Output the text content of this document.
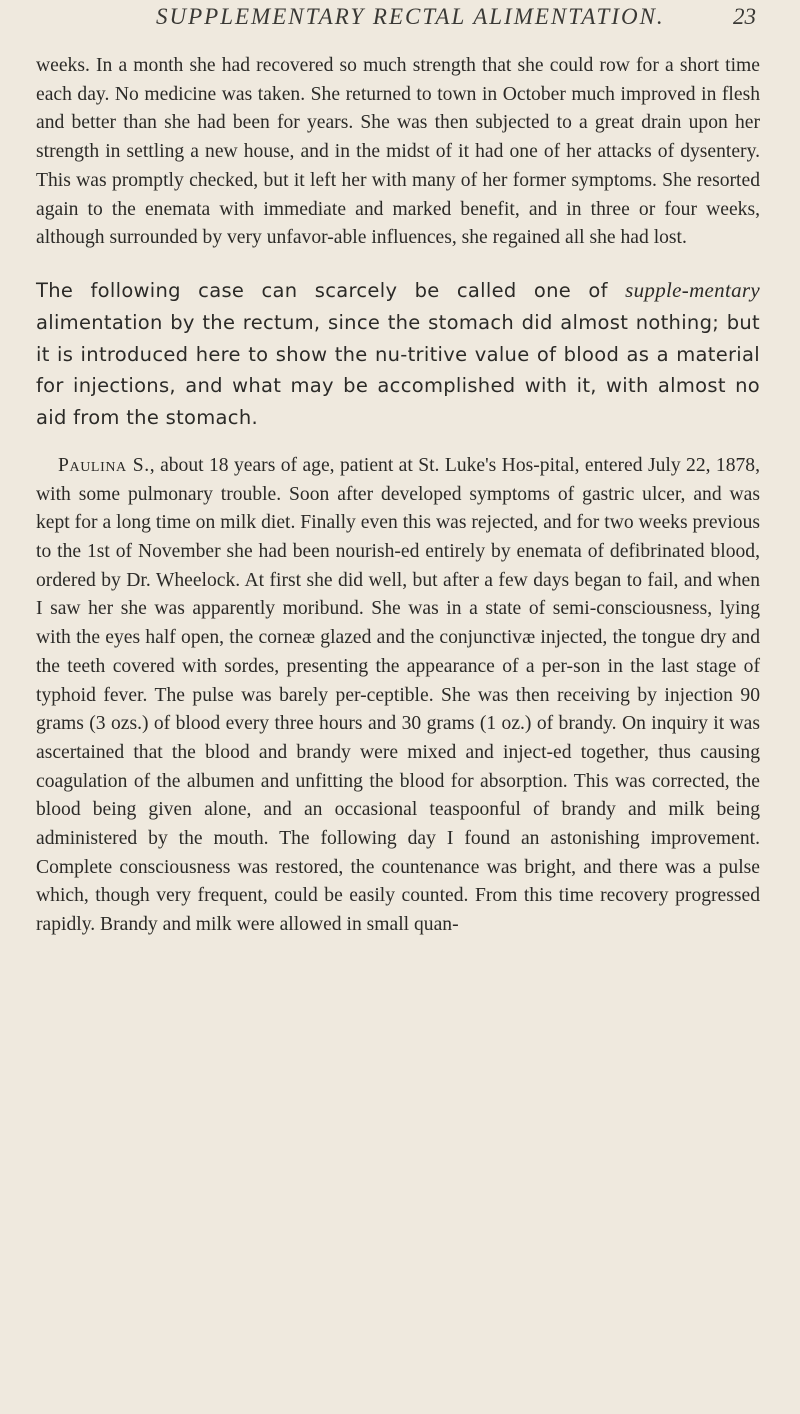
SUPPLEMENTARY RECTAL ALIMENTATION.	23

weeks. In a month she had recovered so much strength that she could row for a short time each day. No medicine was taken. She returned to town in October much improved in flesh and better than she had been for years. She was then subjected to a great drain upon her strength in settling a new house, and in the midst of it had one of her attacks of dysentery. This was promptly checked, but it left her with many of her former symptoms. She resorted again to the enemata with immediate and marked benefit, and in three or four weeks, although surrounded by very unfavor-able influences, she regained all she had lost.

The following case can scarcely be called one of supple-mentary alimentation by the rectum, since the stomach did almost nothing; but it is introduced here to show the nu-tritive value of blood as a material for injections, and what may be accomplished with it, with almost no aid from the stomach.

Paulina S., about 18 years of age, patient at St. Luke's Hos-pital, entered July 22, 1878, with some pulmonary trouble. Soon after developed symptoms of gastric ulcer, and was kept for a long time on milk diet. Finally even this was rejected, and for two weeks previous to the 1st of November she had been nourish-ed entirely by enemata of defibrinated blood, ordered by Dr. Wheelock. At first she did well, but after a few days began to fail, and when I saw her she was apparently moribund. She was in a state of semi-consciousness, lying with the eyes half open, the corneæ glazed and the conjunctivæ injected, the tongue dry and the teeth covered with sordes, presenting the appearance of a per-son in the last stage of typhoid fever. The pulse was barely per-ceptible. She was then receiving by injection 90 grams (3 ozs.) of blood every three hours and 30 grams (1 oz.) of brandy. On inquiry it was ascertained that the blood and brandy were mixed and inject-ed together, thus causing coagulation of the albumen and unfitting the blood for absorption. This was corrected, the blood being given alone, and an occasional teaspoonful of brandy and milk being administered by the mouth. The following day I found an astonishing improvement. Complete consciousness was restored, the countenance was bright, and there was a pulse which, though very frequent, could be easily counted. From this time recovery progressed rapidly. Brandy and milk were allowed in small quan-
